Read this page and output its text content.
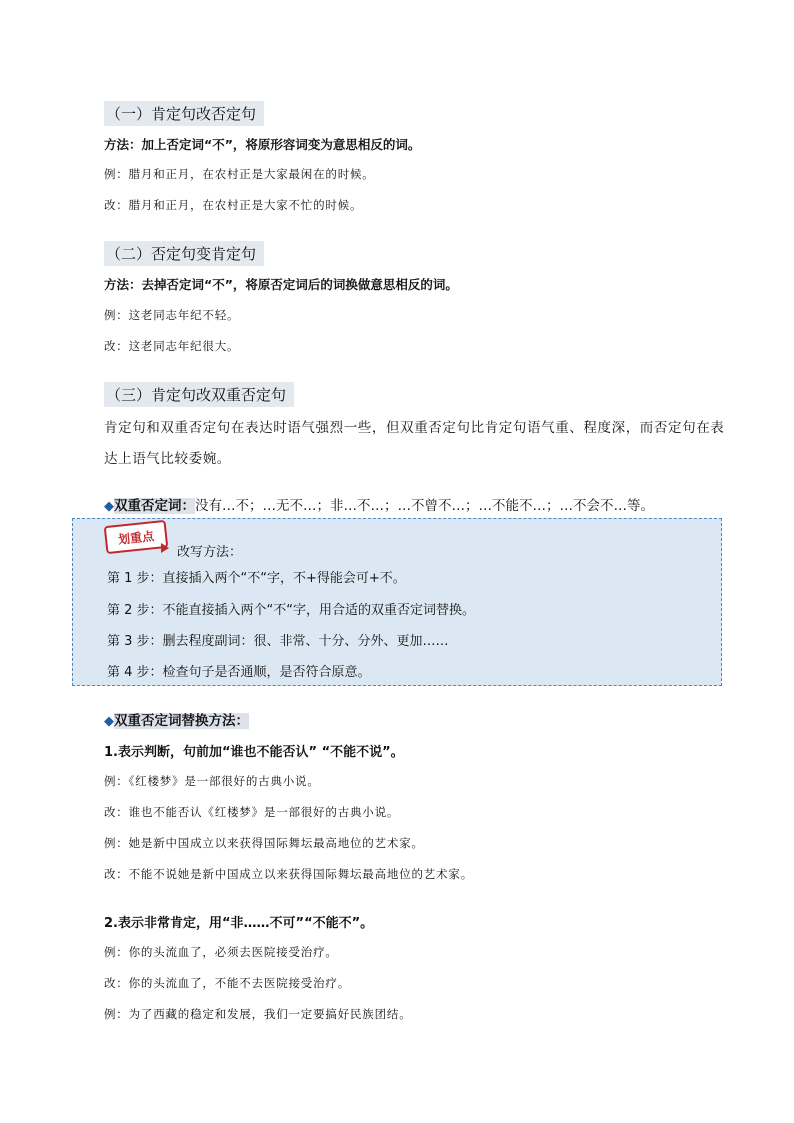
（一）肯定句改否定句
方法：加上否定词“不”，将原形容词变为意思相反的词。
例：腊月和正月，在农村正是大家最闲在的时候。
改：腊月和正月，在农村正是大家不忙的时候。
（二）否定句变肯定句
方法：去掉否定词“不”，将原否定词后的词换做意思相反的词。
例：这老同志年纪不轻。
改：这老同志年纪很大。
（三）肯定句改双重否定句
肯定句和双重否定句在表达时语气强烈一些，但双重否定句比肯定句语气重、程度深，而否定句在表
达上语气比较委婉。
◆双重否定词：没有…不；…无不…；非…不…；…不曾不…；…不能不…；…不会不…等。
划重点
改写方法：
第 1 步：直接插入两个“不“字，不+得能会可+不。
第 2 步：不能直接插入两个“不“字，用合适的双重否定词替换。
第 3 步：删去程度副词：很、非常、十分、分外、更加……
第 4 步：检查句子是否通顺，是否符合原意。
◆双重否定词替换方法：
1.表示判断，句前加“谁也不能否认” “不能不说”。
例：《红楼梦》是一部很好的古典小说。
改：谁也不能否认《红楼梦》是一部很好的古典小说。
例：她是新中国成立以来获得国际舞坛最高地位的艺术家。
改：不能不说她是新中国成立以来获得国际舞坛最高地位的艺术家。
2.表示非常肯定，用“非……不可”“不能不”。
例：你的头流血了，必须去医院接受治疗。
改：你的头流血了，不能不去医院接受治疗。
例：为了西藏的稳定和发展，我们一定要搞好民族团结。
